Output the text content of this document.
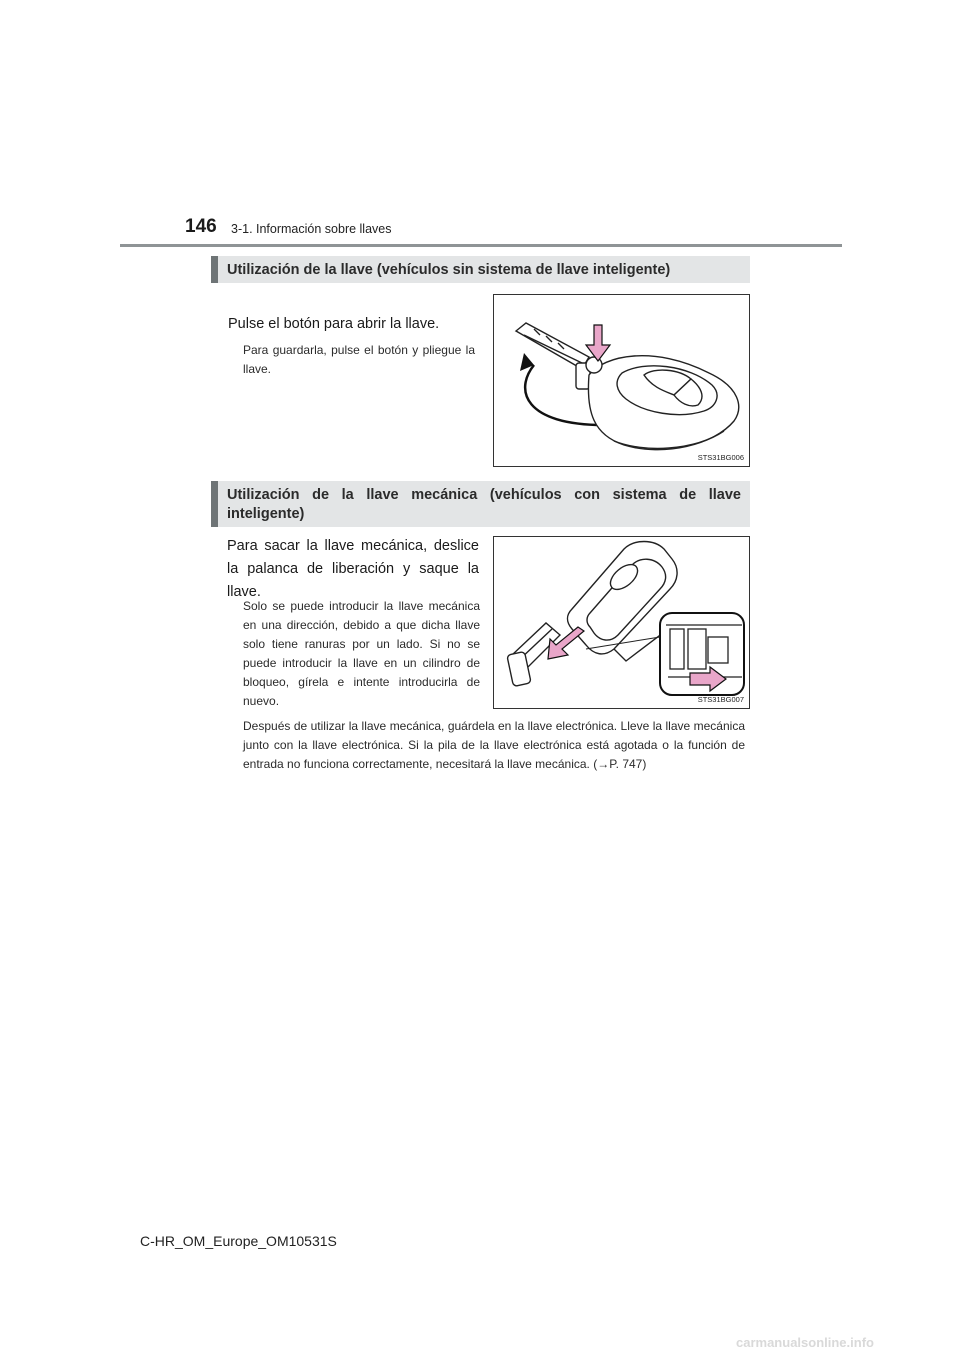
146 3-1. Información sobre llaves
Utilización de la llave (vehículos sin sistema de llave inteligente)
Pulse el botón para abrir la llave.
Para guardarla, pulse el botón y pliegue la llave.
STS31BG006
Utilización de la llave mecánica (vehículos con sistema de llave inteligente)
Para sacar la llave mecánica, deslice la palanca de liberación y saque la llave.
Solo se puede introducir la llave mecánica en una dirección, debido a que dicha llave solo tiene ranuras por un lado. Si no se puede introducir la llave en un cilindro de bloqueo, gírela e intente introducirla de nuevo.
Después de utilizar la llave mecánica, guárdela en la llave electrónica. Lleve la llave mecánica junto con la llave electrónica. Si la pila de la llave electrónica está agotada o la función de entrada no funciona correctamente, necesitará la llave mecánica. (→P. 747)
STS31BG007
C-HR_OM_Europe_OM10531S
carmanualsonline.info
